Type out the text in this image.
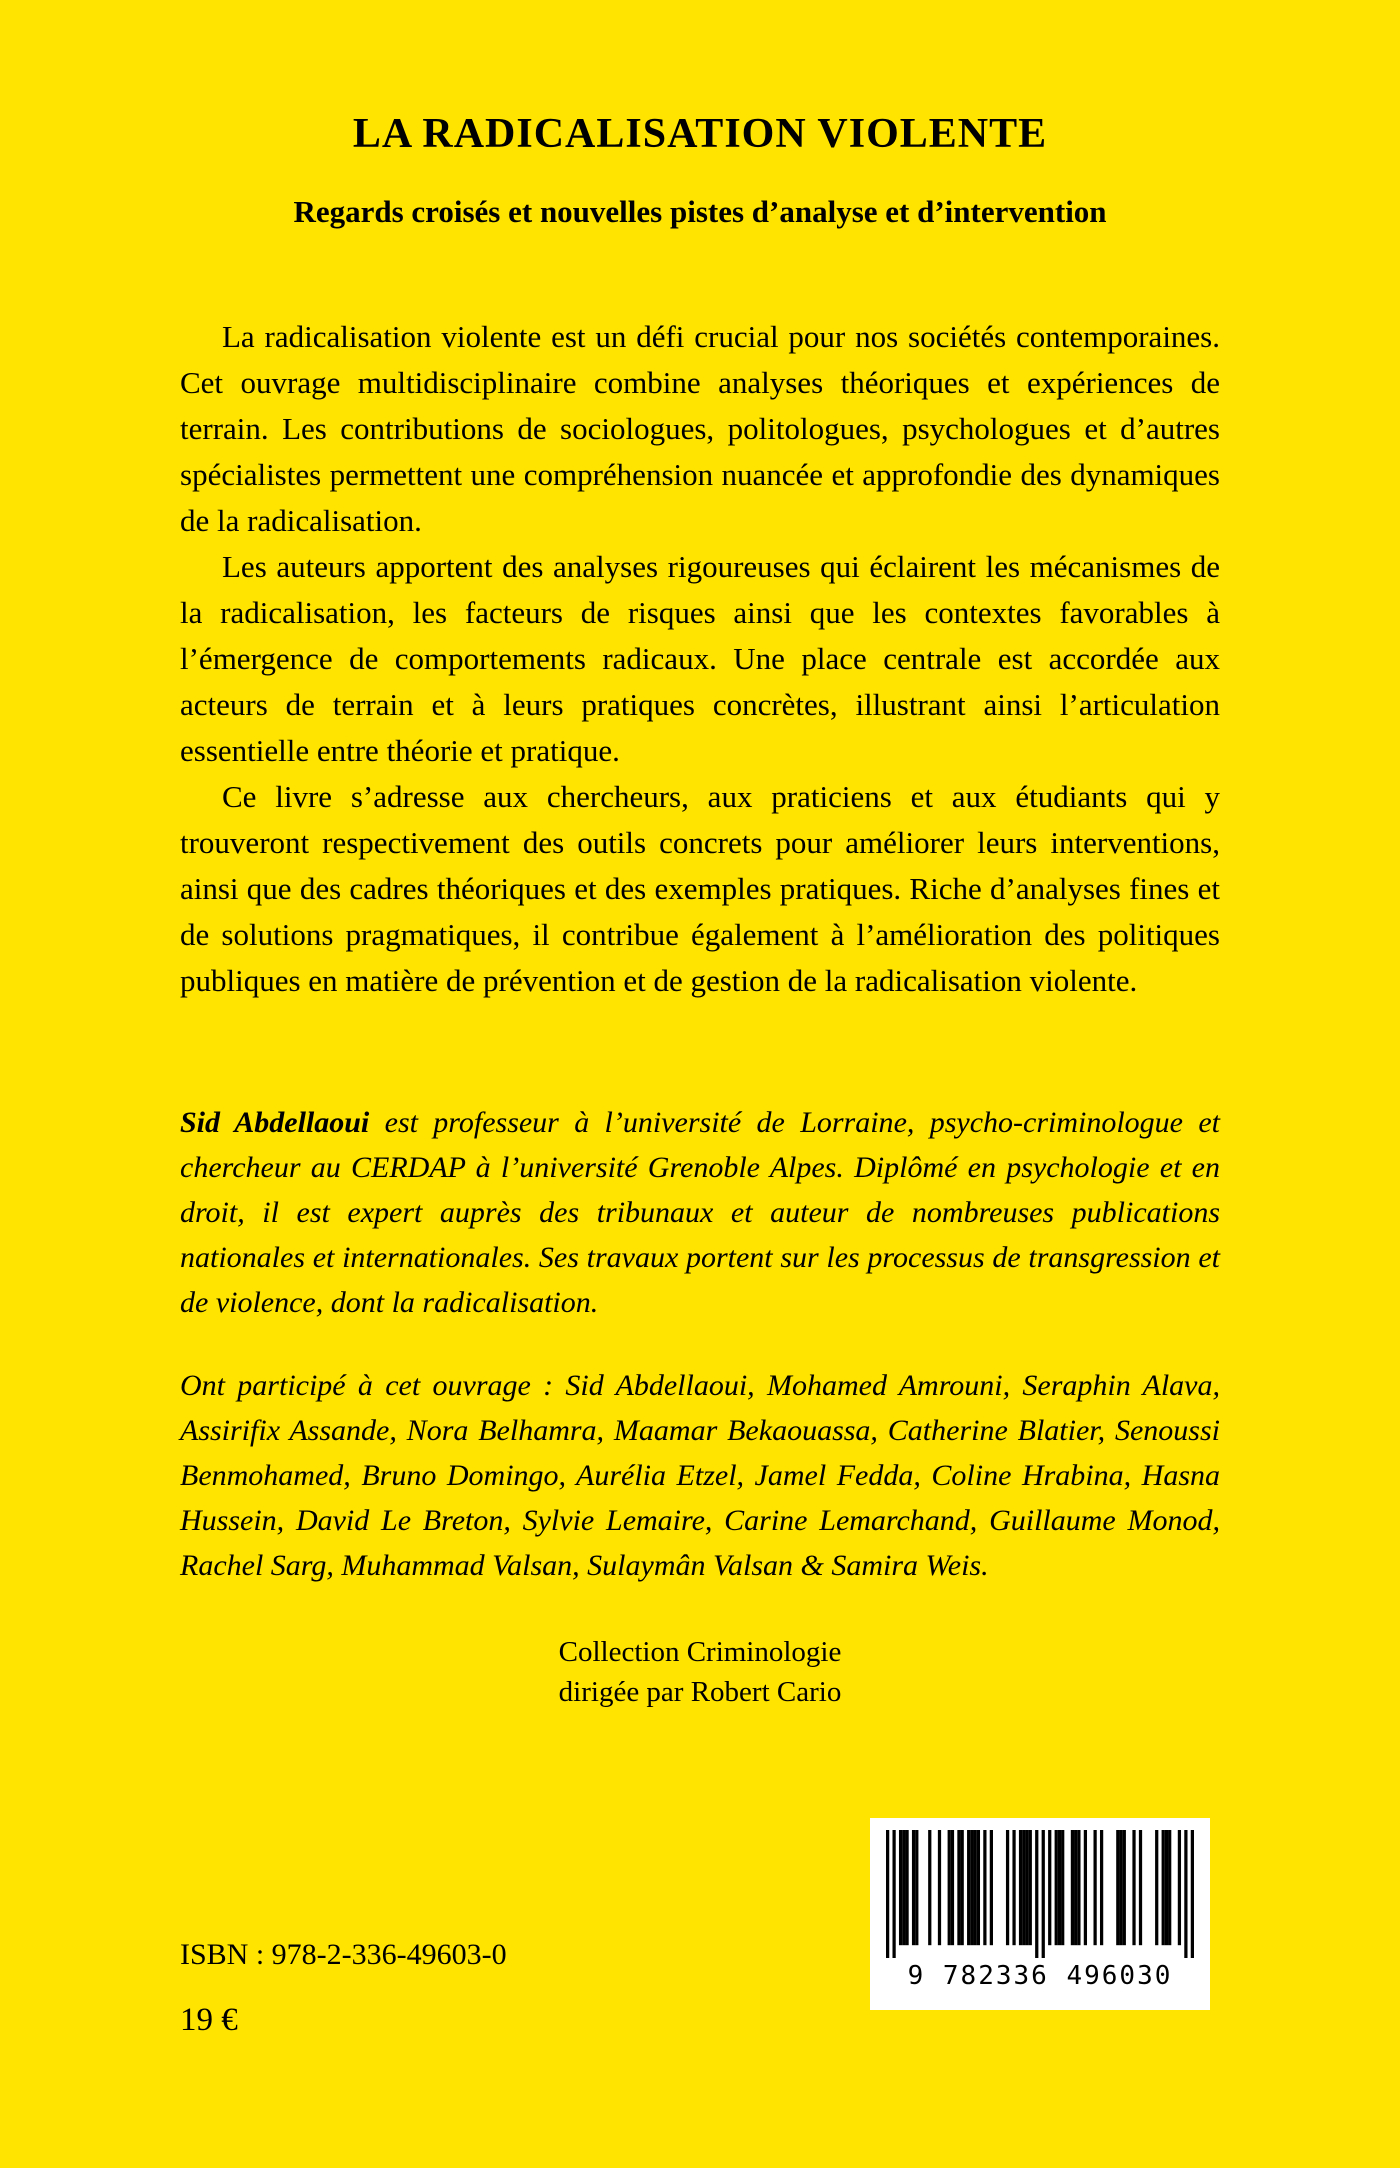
LA RADICALISATION VIOLENTE
Regards croisés et nouvelles pistes d’analyse et d’intervention

La radicalisation violente est un défi crucial pour nos sociétés contemporaines. Cet ouvrage multidisciplinaire combine analyses théoriques et expériences de terrain. Les contributions de sociologues, politologues, psychologues et d’autres spécialistes permettent une compréhension nuancée et approfondie des dynamiques de la radicalisation.

Les auteurs apportent des analyses rigoureuses qui éclairent les mécanismes de la radicalisation, les facteurs de risques ainsi que les contextes favorables à l’émergence de comportements radicaux. Une place centrale est accordée aux acteurs de terrain et à leurs pratiques concrètes, illustrant ainsi l’articulation essentielle entre théorie et pratique.

Ce livre s’adresse aux chercheurs, aux praticiens et aux étudiants qui y trouveront respectivement des outils concrets pour améliorer leurs interventions, ainsi que des cadres théoriques et des exemples pratiques. Riche d’analyses fines et de solutions pragmatiques, il contribue également à l’amélioration des politiques publiques en matière de prévention et de gestion de la radicalisation violente.

Sid Abdellaoui est professeur à l’université de Lorraine, psycho-criminologue et chercheur au CERDAP à l’université Grenoble Alpes. Diplômé en psychologie et en droit, il est expert auprès des tribunaux et auteur de nombreuses publications nationales et internationales. Ses travaux portent sur les processus de transgression et de violence, dont la radicalisation.

Ont participé à cet ouvrage : Sid Abdellaoui, Mohamed Amrouni, Seraphin Alava, Assirifix Assande, Nora Belhamra, Maamar Bekaouassa, Catherine Blatier, Senoussi Benmohamed, Bruno Domingo, Aurélia Etzel, Jamel Fedda, Coline Hrabina, Hasna Hussein, David Le Breton, Sylvie Lemaire, Carine Lemarchand, Guillaume Monod, Rachel Sarg, Muhammad Valsan, Sulaymân Valsan & Samira Weis.

Collection Criminologie
dirigée par Robert Cario
9 782336 496030
ISBN : 978-2-336-49603-0
19 €
